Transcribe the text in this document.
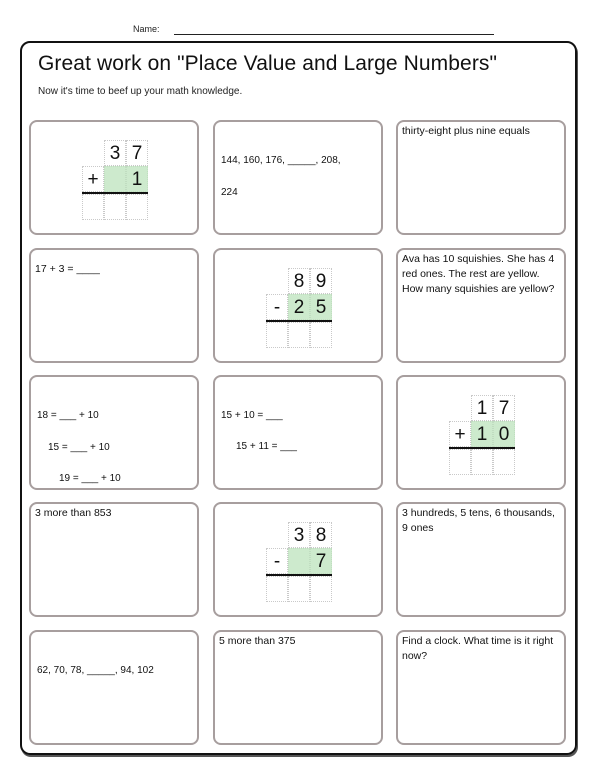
Name:
Great work on "Place Value and Large Numbers"
Now it's time to beef up your math knowledge.
3 7
+	1
144, 160, 176, _____, 208,
224
thirty-eight plus nine equals
17 + 3 = ____
8 9
- 2 5
Ava has 10 squishies. She has 4 red ones. The rest are yellow. How many squishies are yellow?
18 = ___ + 10
15 = ___ + 10
19 = ___ + 10
15 + 10 = ___
15 + 11 = ___
1 7
+ 1 0
3 more than 853
3 8
-	7
3 hundreds, 5 tens, 6 thousands, 9 ones
62, 70, 78, _____, 94, 102
5 more than 375	Find a clock. What time is it right now?
